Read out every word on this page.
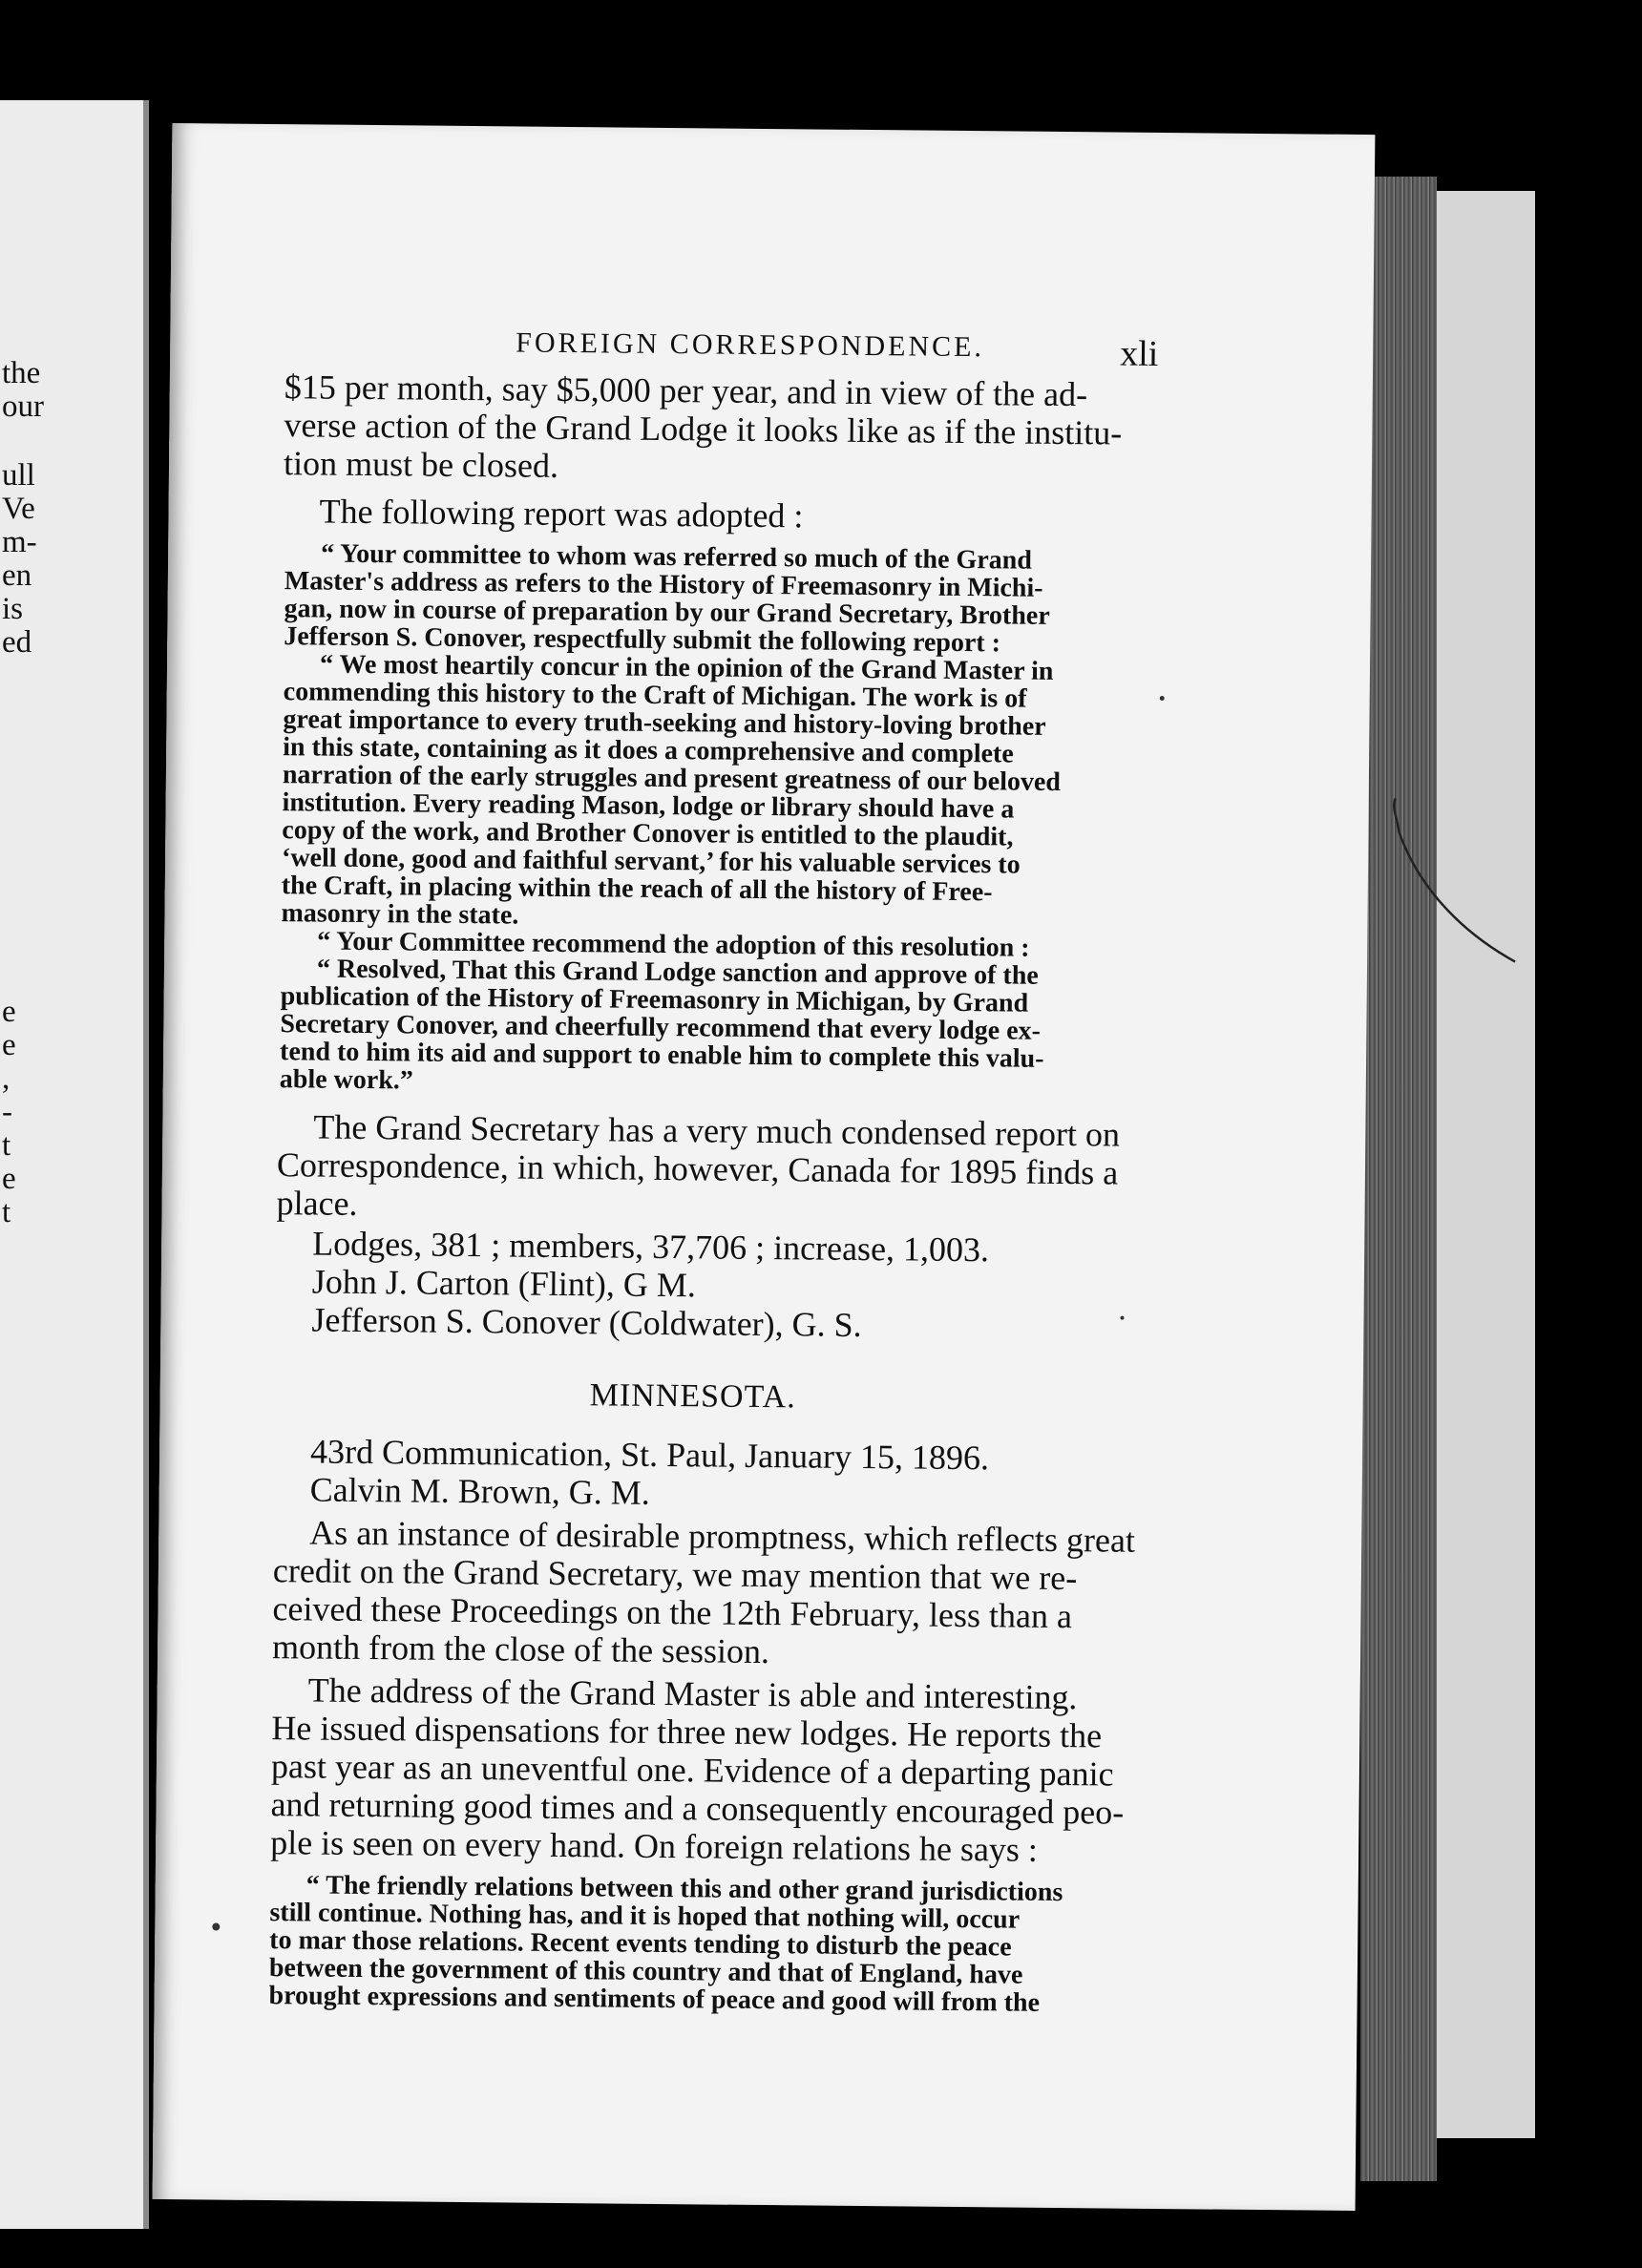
the
our
ull
Ve
m-
en
is
ed
e
e
,
-
t
e
t
FOREIGN CORRESPONDENCE.	xli

$15 per month, say $5,000 per year, and in view of the ad-

verse action of the Grand Lodge it looks like as if the institu-

tion must be closed.

The following report was adopted :

“ Your committee to whom was referred so much of the Grand

Master's address as refers to the History of Freemasonry in Michi-

gan, now in course of preparation by our Grand Secretary, Brother

Jefferson S. Conover, respectfully submit the following report :

“ We most heartily concur in the opinion of the Grand Master in

commending this history to the Craft of Michigan. The work is of

great importance to every truth-seeking and history-loving brother

in this state, containing as it does a comprehensive and complete

narration of the early struggles and present greatness of our beloved

institution. Every reading Mason, lodge or library should have a

copy of the work, and Brother Conover is entitled to the plaudit,

‘well done, good and faithful servant,’ for his valuable services to

the Craft, in placing within the reach of all the history of Free-

masonry in the state.

“ Your Committee recommend the adoption of this resolution :

“ Resolved, That this Grand Lodge sanction and approve of the

publication of the History of Freemasonry in Michigan, by Grand

Secretary Conover, and cheerfully recommend that every lodge ex-

tend to him its aid and support to enable him to complete this valu-

able work.”

The Grand Secretary has a very much condensed report on

Correspondence, in which, however, Canada for 1895 finds a

place.

Lodges, 381 ; members, 37,706 ; increase, 1,003.

John J. Carton (Flint), G M.

Jefferson S. Conover (Coldwater), G. S.

MINNESOTA.

43rd Communication, St. Paul, January 15, 1896.

Calvin M. Brown, G. M.

As an instance of desirable promptness, which reflects great

credit on the Grand Secretary, we may mention that we re-

ceived these Proceedings on the 12th February, less than a

month from the close of the session.

The address of the Grand Master is able and interesting.

He issued dispensations for three new lodges. He reports the

past year as an uneventful one. Evidence of a departing panic

and returning good times and a consequently encouraged peo-

ple is seen on every hand. On foreign relations he says :

“ The friendly relations between this and other grand jurisdictions

still continue. Nothing has, and it is hoped that nothing will, occur

to mar those relations. Recent events tending to disturb the peace

between the government of this country and that of England, have

brought expressions and sentiments of peace and good will from the
